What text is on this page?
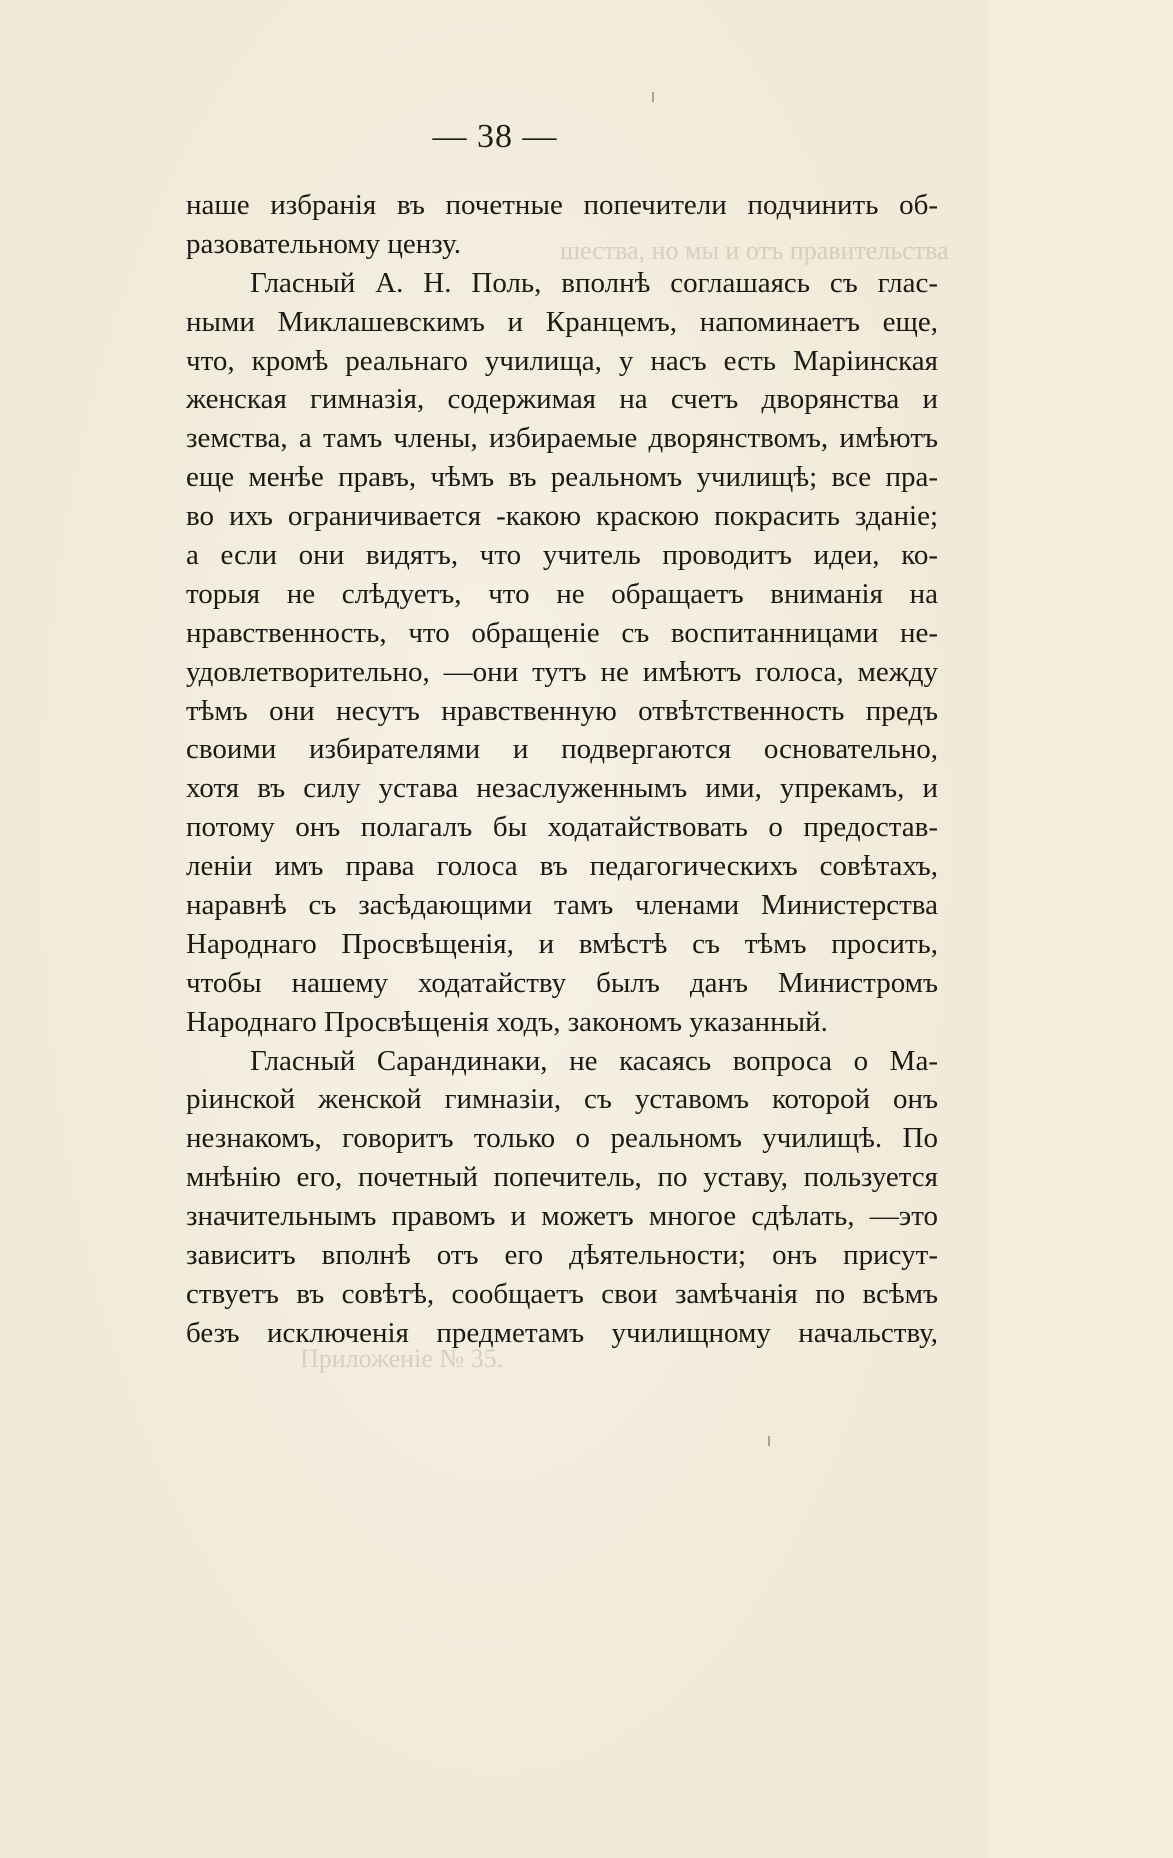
шества, но мы и отъ правительства
Приложеніе № 35.
— 38 —
наше избранія въ почетные попечители подчинить об-
разовательному цензу.
Гласный А. Н. Поль, вполнѣ соглашаясь съ глас-
ными Миклашевскимъ и Кранцемъ, напоминаетъ еще,
что, кромѣ реальнаго училища, у насъ есть Маріинская
женская гимназія, содержимая на счетъ дворянства и
земства, а тамъ члены, избираемые дворянствомъ, имѣютъ
еще менѣе правъ, чѣмъ въ реальномъ училищѣ; все пра-
во ихъ ограничивается -какою краскою покрасить зданіе;
а если они видятъ, что учитель проводитъ идеи, ко-
торыя не слѣдуетъ, что не обращаетъ вниманія на
нравственность, что обращеніе съ воспитанницами не-
удовлетворительно, —они тутъ не имѣютъ голоса, между
тѣмъ они несутъ нравственную отвѣтственность предъ
своими избирателями и подвергаются основательно,
хотя въ силу устава незаслуженнымъ ими, упрекамъ, и
потому онъ полагалъ бы ходатайствовать о предостав-
леніи имъ права голоса въ педагогическихъ совѣтахъ,
наравнѣ съ засѣдающими тамъ членами Министерства
Народнаго Просвѣщенія, и вмѣстѣ съ тѣмъ просить,
чтобы нашему ходатайству былъ данъ Министромъ
Народнаго Просвѣщенія ходъ, закономъ указанный.
Гласный Сарандинаки, не касаясь вопроса о Ма-
ріинской женской гимназіи, съ уставомъ которой онъ
незнакомъ, говоритъ только о реальномъ училищѣ. По
мнѣнію его, почетный попечитель, по уставу, пользуется
значительнымъ правомъ и можетъ многое сдѣлать, —это
зависитъ вполнѣ отъ его дѣятельности; онъ присут-
ствуетъ въ совѣтѣ, сообщаетъ свои замѣчанія по всѣмъ
безъ исключенія предметамъ училищному начальству,
